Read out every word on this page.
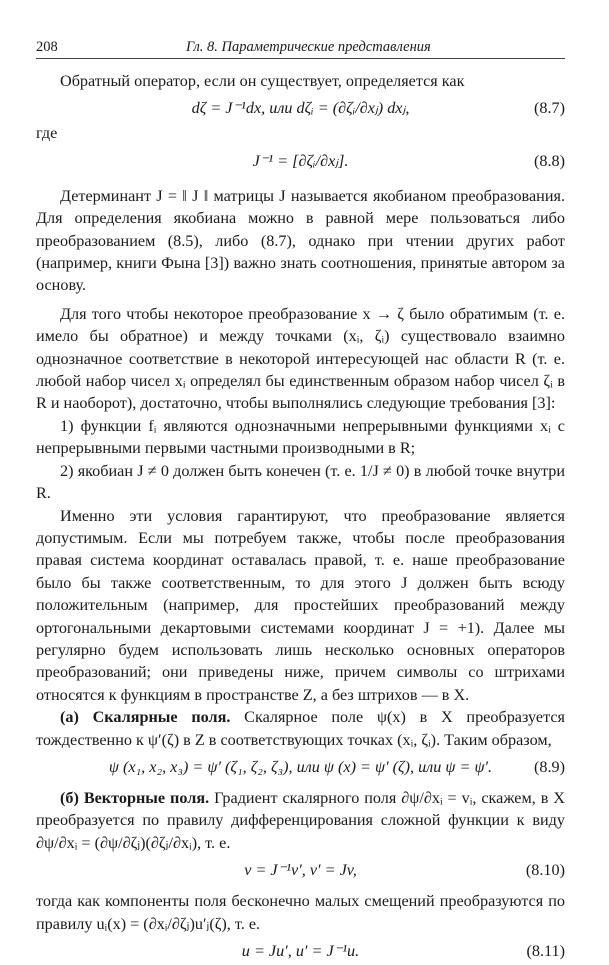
208	Гл. 8. Параметрические представления

Обратный оператор, если он существует, определяется как

dζ = J⁻¹dx, или dζᵢ = (∂ζᵢ/∂xⱼ) dxⱼ,	(8.7)

где

J⁻¹ = [∂ζᵢ/∂xⱼ].	(8.8)

Детерминант J = ‖ J ‖ матрицы J называется якобианом преобразования. Для определения якобиана можно в равной мере пользоваться либо преобразованием (8.5), либо (8.7), однако при чтении других работ (например, книги Фына [3]) важно знать соотношения, принятые автором за основу.

Для того чтобы некоторое преобразование x → ζ было обратимым (т. е. имело бы обратное) и между точками (xᵢ, ζᵢ) существовало взаимно однозначное соответствие в некоторой интересующей нас области R (т. е. любой набор чисел xᵢ определял бы единственным образом набор чисел ζᵢ в R и наоборот), достаточно, чтобы выполнялись следующие требования [3]:

1) функции fᵢ являются однозначными непрерывными функциями xᵢ с непрерывными первыми частными производными в R;

2) якобиан J ≠ 0 должен быть конечен (т. е. 1/J ≠ 0) в любой точке внутри R.

Именно эти условия гарантируют, что преобразование является допустимым. Если мы потребуем также, чтобы после преобразования правая система координат оставалась правой, т. е. наше преобразование было бы также соответственным, то для этого J должен быть всюду положительным (например, для простейших преобразований между ортогональными декартовыми системами координат J = +1). Далее мы регулярно будем использовать лишь несколько основных операторов преобразований; они приведены ниже, причем символы со штрихами относятся к функциям в пространстве Z, а без штрихов — в X.

(а) Скалярные поля. Скалярное поле ψ(x) в X преобразуется тождественно к ψ′(ζ) в Z в соответствующих точках (xᵢ, ζᵢ). Таким образом,

ψ (x₁, x₂, x₃) = ψ′ (ζ₁, ζ₂, ζ₃), или ψ (x) = ψ′ (ζ), или ψ = ψ′.	(8.9)

(б) Векторные поля. Градиент скалярного поля ∂ψ/∂xᵢ = vᵢ, скажем, в X преобразуется по правилу дифференцирования сложной функции к виду ∂ψ/∂xᵢ = (∂ψ/∂ζⱼ)(∂ζⱼ/∂xᵢ), т. е.

v = J⁻¹v′, v′ = Jv,	(8.10)

тогда как компоненты поля бесконечно малых смещений преобразуются по правилу uᵢ(x) = (∂xᵢ/∂ζⱼ)u′ⱼ(ζ), т. е.

u = Ju′, u′ = J⁻¹u.	(8.11)
